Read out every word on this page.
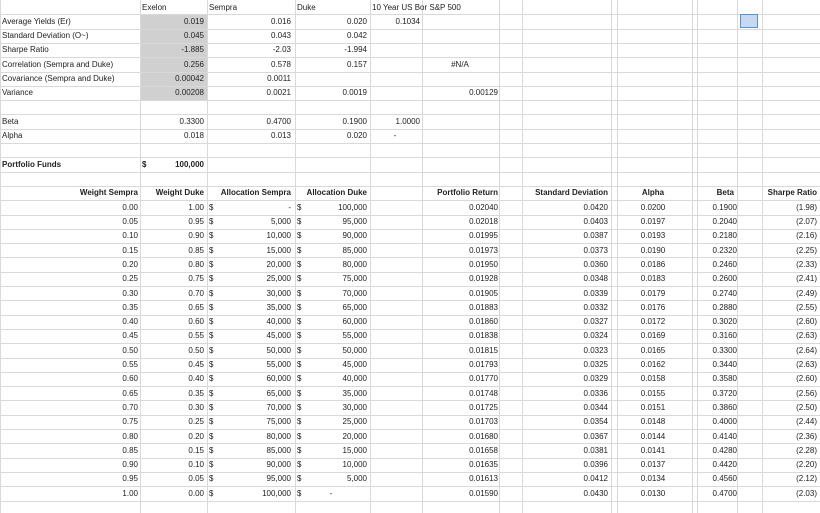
Exelon	Sempra	Duke	10 Year US Bor S&P 500
Average Yields (Er)	0.019	0.016	0.020	0.1034
Standard Deviation (O~)	0.045	0.043	0.042
Sharpe Ratio	-1.885	-2.03	-1.994
Correlation (Sempra and Duke)	0.256	0.578	0.157	#N/A
Covariance (Sempra and Duke)	0.00042	0.0011
Variance	0.00208	0.0021	0.0019	0.00129
Beta	0.3300	0.4700	0.1900	1.0000
Alpha	0.018	0.013	0.020	-
Portfolio Funds	$	100,000
Weight Sempra	Weight Duke	Allocation Sempra	Allocation Duke	Portfolio Return	Standard Deviation	Alpha	Beta	Sharpe Ratio
0.00	1.00 $	- $	100,000	0.02040	0.0420	0.0200	0.1900	(1.98)
0.05	0.95 $	5,000 $	95,000	0.02018	0.0403	0.0197	0.2040	(2.07)
0.10	0.90 $	10,000 $	90,000	0.01995	0.0387	0.0193	0.2180	(2.16)
0.15	0.85 $	15,000 $	85,000	0.01973	0.0373	0.0190	0.2320	(2.25)
0.20	0.80 $	20,000 $	80,000	0.01950	0.0360	0.0186	0.2460	(2.33)
0.25	0.75 $	25,000 $	75,000	0.01928	0.0348	0.0183	0.2600	(2.41)
0.30	0.70 $	30,000 $	70,000	0.01905	0.0339	0.0179	0.2740	(2.49)
0.35	0.65 $	35,000 $	65,000	0.01883	0.0332	0.0176	0.2880	(2.55)
0.40	0.60 $	40,000 $	60,000	0.01860	0.0327	0.0172	0.3020	(2.60)
0.45	0.55 $	45,000 $	55,000	0.01838	0.0324	0.0169	0.3160	(2.63)
0.50	0.50 $	50,000 $	50,000	0.01815	0.0323	0.0165	0.3300	(2.64)
0.55	0.45 $	55,000 $	45,000	0.01793	0.0325	0.0162	0.3440	(2.63)
0.60	0.40 $	60,000 $	40,000	0.01770	0.0329	0.0158	0.3580	(2.60)
0.65	0.35 $	65,000 $	35,000	0.01748	0.0336	0.0155	0.3720	(2.56)
0.70	0.30 $	70,000 $	30,000	0.01725	0.0344	0.0151	0.3860	(2.50)
0.75	0.25 $	75,000 $	25,000	0.01703	0.0354	0.0148	0.4000	(2.44)
0.80	0.20 $	80,000 $	20,000	0.01680	0.0367	0.0144	0.4140	(2.36)
0.85	0.15 $	85,000 $	15,000	0.01658	0.0381	0.0141	0.4280	(2.28)
0.90	0.10 $	90,000 $	10,000	0.01635	0.0396	0.0137	0.4420	(2.20)
0.95	0.05 $	95,000 $	5,000	0.01613	0.0412	0.0134	0.4560	(2.12)
1.00	0.00 $	100,000 $	-	0.01590	0.0430	0.0130	0.4700	(2.03)
